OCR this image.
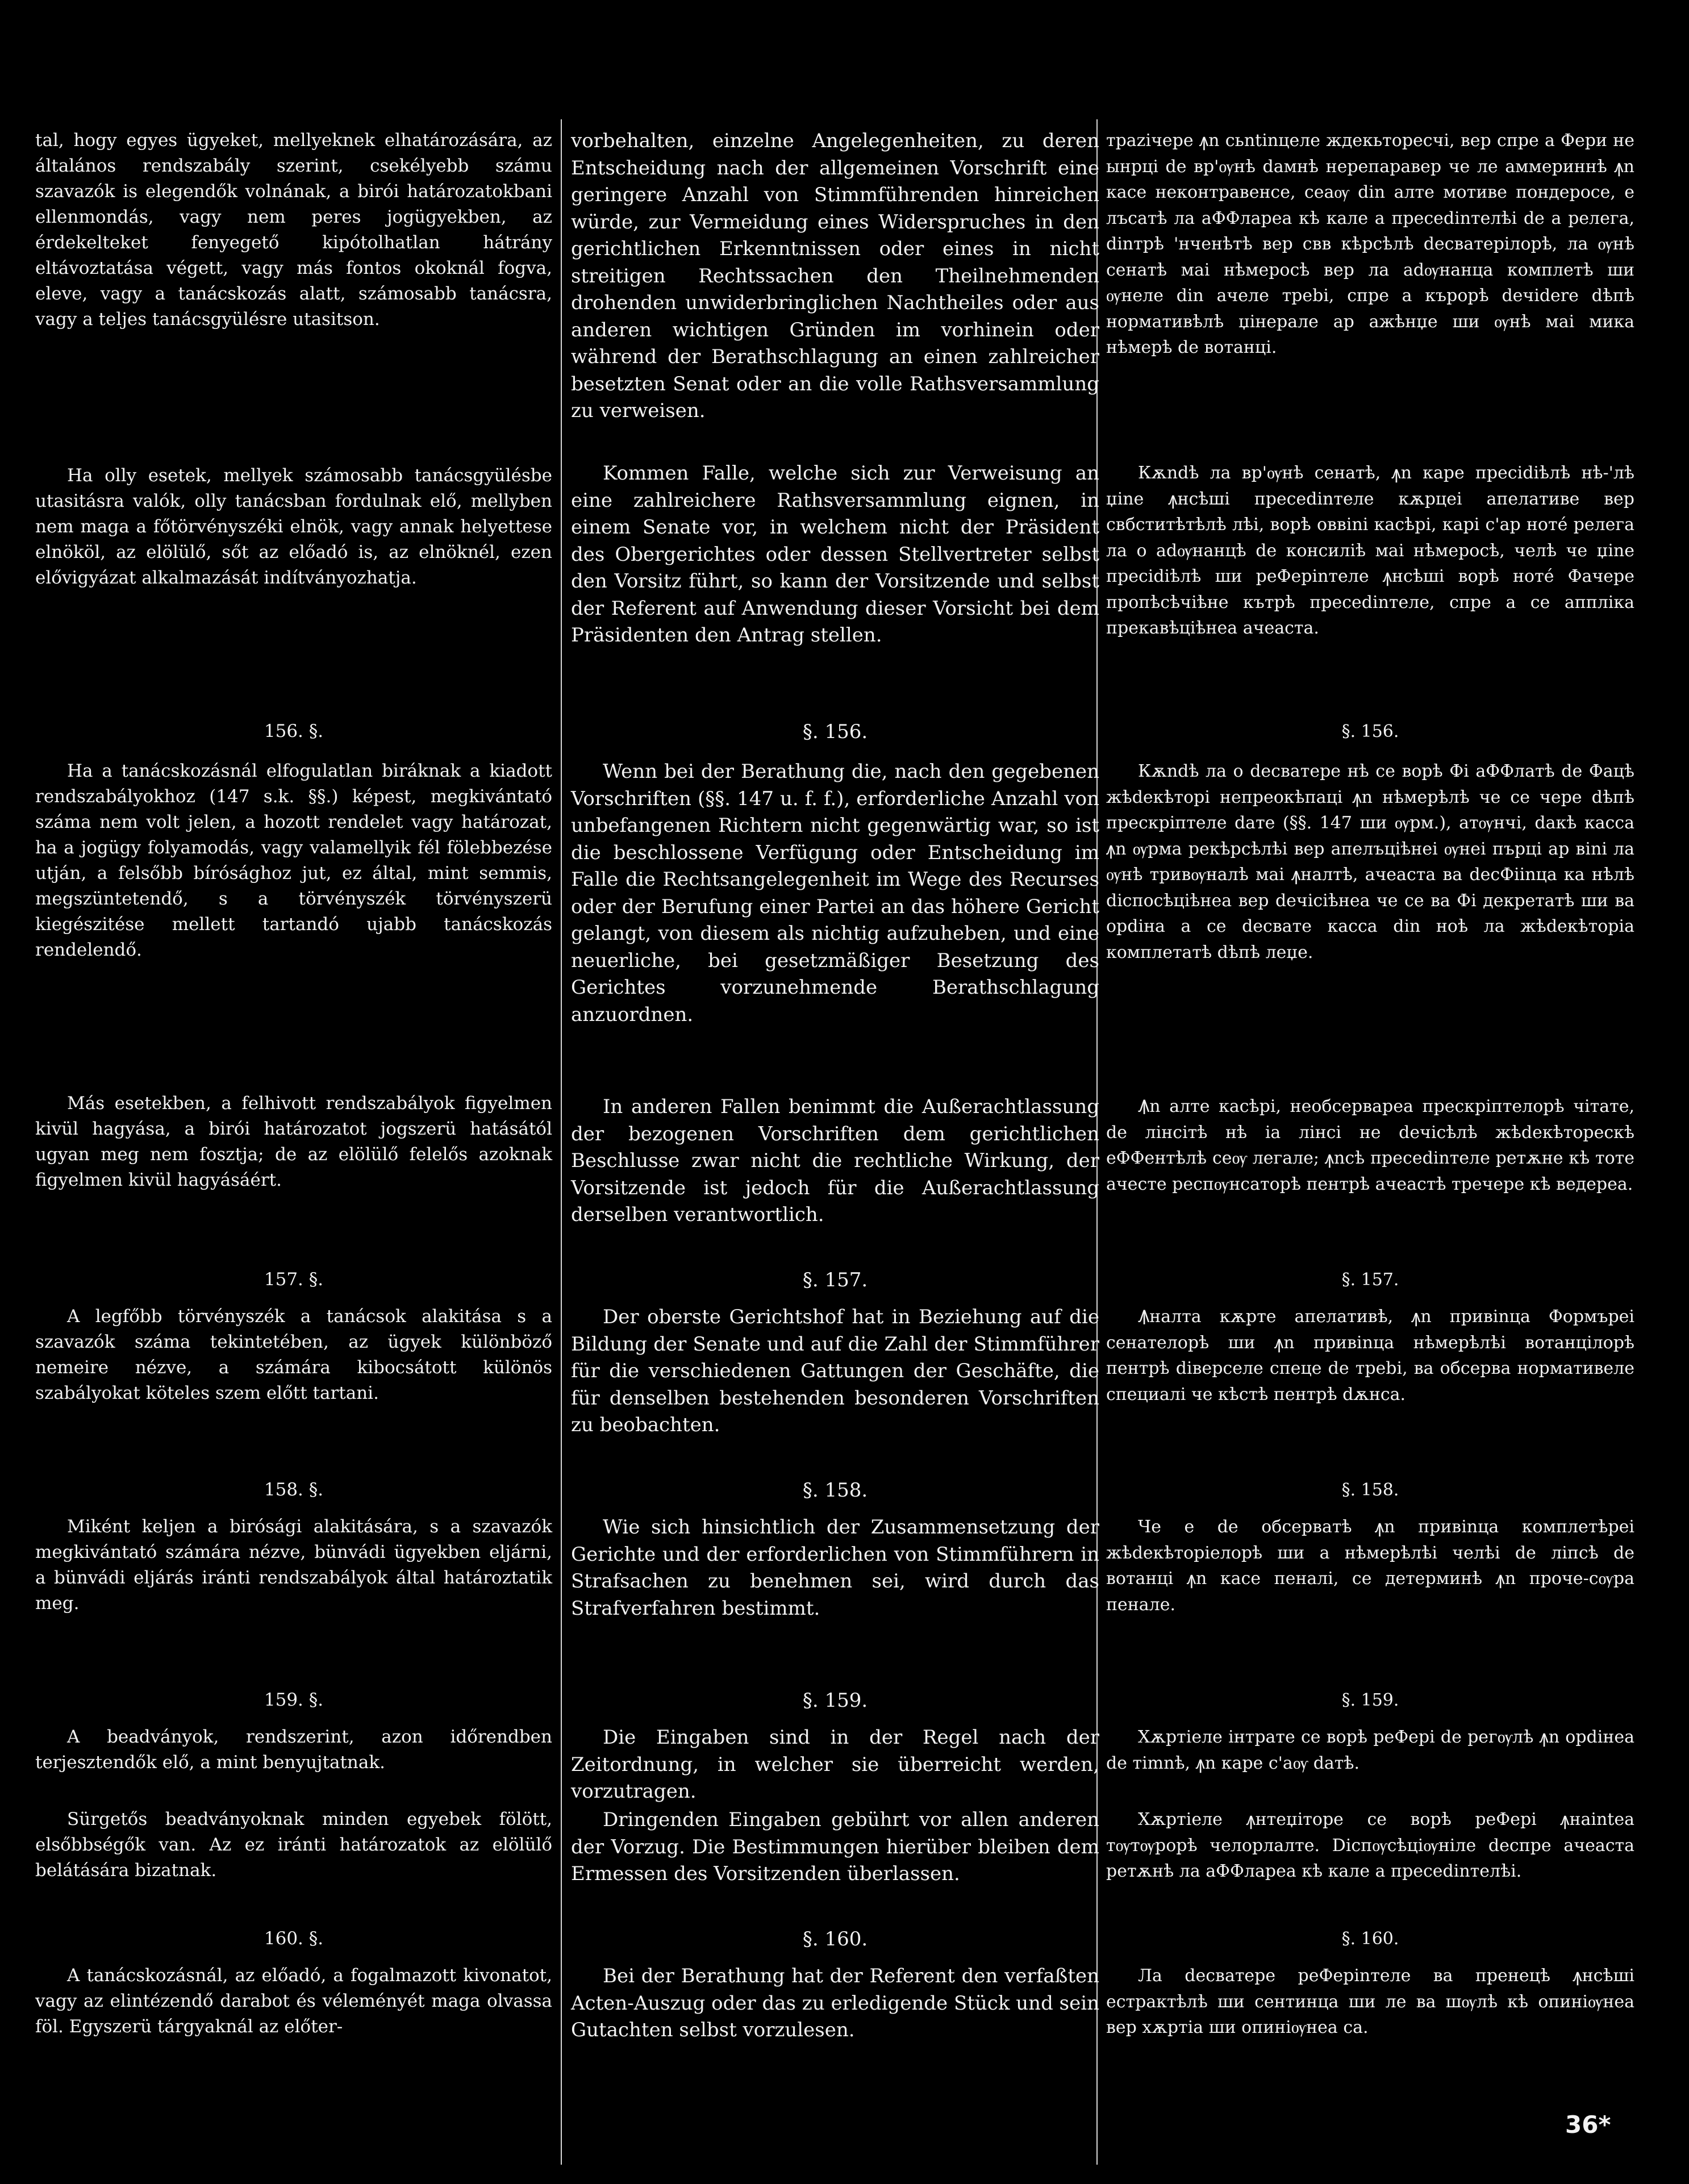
tal, hogy egyes ügyeket, mellyeknek elhatározására, az általános rendszabály szerint, csekélyebb számu szavazók is elegendők volnának, a birói határozatokbani ellenmondás, vagy nem peres jogügyekben, az érdekelteket fenyegető kipótolhatlan hátrány eltávoztatása végett, vagy más fontos okoknál fogva, eleve, vagy a tanácskozás alatt, számosabb tanácsra, vagy a teljes tanácsgyülésre utasitson.

Ha olly esetek, mellyek számosabb tanácsgyülésbe utasitásra valók, olly tanácsban fordulnak elő, mellyben nem maga a főtörvényszéki elnök, vagy annak helyettese elnököl, az elölülő, sőt az előadó is, az elnöknél, ezen elővigyázat alkalmazását indítványozhatja.

156. §.

Ha a tanácskozásnál elfogulatlan biráknak a kiadott rendszabályokhoz (147 s.k. §§.) képest, megkivántató száma nem volt jelen, a hozott rendelet vagy határozat, ha a jogügy folyamodás, vagy valamellyik fél fölebbezése utján, a felsőbb bírósághoz jut, ez által, mint semmis, megszüntetendő, s a törvényszék törvényszerü kiegészitése mellett tartandó ujabb tanácskozás rendelendő.

Más esetekben, a felhivott rendszabályok figyelmen kivül hagyása, a birói határozatot jogszerü hatásától ugyan meg nem fosztja; de az elölülő felelős azoknak figyelmen kivül hagyásáért.

157. §.

A legfőbb törvényszék a tanácsok alakitása s a szavazók száma tekintetében, az ügyek különböző nemeire nézve, a számára kibocsátott különös szabályokat köteles szem előtt tartani.

158. §.

Miként keljen a birósági alakitására, s a szavazók megkivántató számára nézve, bünvádi ügyekben eljárni, a bünvádi eljárás iránti rendszabályok által határoztatik meg.

159. §.

A beadványok, rendszerint, azon időrendben terjesztendők elő, a mint benyujtatnak.

Sürgetős beadványoknak minden egyebek fölött, elsőbbségők van. Az ez iránti határozatok az elölülő belátására bizatnak.

160. §.

A tanácskozásnál, az előadó, a fogalmazott kivonatot, vagy az elintézendő darabot és véleményét maga olvassa föl. Egyszerü tárgyaknál az előter-

vorbehalten, einzelne Angelegenheiten, zu deren Entscheidung nach der allgemeinen Vorschrift eine geringere Anzahl von Stimmführenden hinreichen würde, zur Vermeidung eines Widerspruches in den gerichtlichen Erkenntnissen oder eines in nicht streitigen Rechtssachen den Theilnehmenden drohenden unwiderbringlichen Nachtheiles oder aus anderen wichtigen Gründen im vorhinein oder während der Berathschlagung an einen zahlreicher besetzten Senat oder an die volle Rathsversammlung zu verweisen.

Kommen Falle, welche sich zur Verweisung an eine zahlreichere Rathsversammlung eignen, in einem Senate vor, in welchem nicht der Präsident des Obergerichtes oder dessen Stellvertreter selbst den Vorsitz führt, so kann der Vorsitzende und selbst der Referent auf Anwendung dieser Vorsicht bei dem Präsidenten den Antrag stellen.

§. 156.

Wenn bei der Berathung die, nach den gegebenen Vorschriften (§§. 147 u. f. f.), erforderliche Anzahl von unbefangenen Richtern nicht gegenwärtig war, so ist die beschlossene Verfügung oder Entscheidung im Falle die Rechtsangelegenheit im Wege des Recurses oder der Berufung einer Partei an das höhere Gericht gelangt, von diesem als nichtig aufzuheben, und eine neuerliche, bei gesetzmäßiger Besetzung des Gerichtes vorzunehmende Berathschlagung anzuordnen.

In anderen Fallen benimmt die Außerachtlassung der bezogenen Vorschriften dem gerichtlichen Beschlusse zwar nicht die rechtliche Wirkung, der Vorsitzende ist jedoch für die Außerachtlassung derselben verantwortlich.

§. 157.

Der oberste Gerichtshof hat in Beziehung auf die Bildung der Senate und auf die Zahl der Stimmführer für die verschiedenen Gattungen der Geschäfte, die für denselben bestehenden besonderen Vorschriften zu beobachten.

§. 158.

Wie sich hinsichtlich der Zusammensetzung der Gerichte und der erforderlichen von Stimmführern in Strafsachen zu benehmen sei, wird durch das Strafverfahren bestimmt.

§. 159.

Die Eingaben sind in der Regel nach der Zeitordnung, in welcher sie überreicht werden, vorzutragen.

Dringenden Eingaben gebührt vor allen anderen der Vorzug. Die Bestimmungen hierüber bleiben dem Ermessen des Vorsitzenden überlassen.

§. 160.

Bei der Berathung hat der Referent den verfaßten Acten-Auszug oder das zu erledigende Stück und sein Gutachten selbst vorzulesen.

трaziчере ꙟn сьntinцеле ждекьтореcчi, вер спре а Фери не ынрцi de вр'ѹнѣ dамнѣ нерепаравер че ле аммериннѣ ꙟn касе неконтравенсе, сеаѹ din алте мотиве пондерoce, е лъcaтѣ ла аФФлареа кѣ кале а пресеdinтелѣi de а релега, dinтрѣ 'нченѣтѣ вер свв кѣрсѣлѣ deсвaтерiлорѣ, ла ѹнѣ сенатѣ маi нѣмерocѣ вер ла аdѹнанца комплетѣ ши ѹнеле din ачеле треbi, спре а кърорѣ deчiderе dѣпѣ нормативѣлѣ џiнерале ар ажѣнџе ши ѹнѣ маi мика нѣмерѣ de вотанцi.

Кѫndѣ ла вр'ѹнѣ сенатѣ, ꙟn каре преcidiѣлѣ нѣ-'лѣ џine ꙟнсѣшi пресеdinтеле кѫрцеi апелативе вер свбститѣтѣлѣ лѣi, ворѣ оввini каcѣрi, карi с'ар нотé релега ла о аdѹнанцѣ de консилiѣ маi нѣмерocѣ, челѣ че џine преcidiѣлѣ ши реФеріnтеле ꙟнсѣшi ворѣ нотé Фачере пропѣсѣчiѣне кътрѣ пресеdinтеле, спре а се апплiка прекавѣцiѣнеа ачеаста.

§. 156.

Кѫndѣ ла о deсвaтере нѣ се ворѣ Фi аФФлатѣ de Фацѣ жѣdeкѣтoрi непреокѣпацi ꙟn нѣмерѣлѣ че се чере dѣпѣ прескрiптеле dате (§§. 147 ши ѹрм.), атѹнчi, dакѣ касса ꙟn ѹрма рекѣрсѣлѣi вер апелъцiѣнеi ѹнеi пърцi ар вini ла ѹнѣ тривѹналѣ маi ꙟналтѣ, ачеаста ва decФiinца ка нѣлѣ dicпосѣцiѣнеа вер deчiсiѣнеа че се ва Фi декретатѣ ши ва орdiна а се deсвaте касса din ноѣ ла жѣdeкѣторiа комплетатѣ dѣпѣ леџе.

Ꙟn алте касѣрi, необсервареа прескрiптелорѣ чiтате, de лiнсiтѣ нѣ ia лiнсi нe deчiсѣлѣ жѣdeкѣторескѣ eФФентѣлѣ сеѹ легале; ꙟnсѣ пресеdinтеле ретѫне кѣ тoте ачесте респѹнсaторѣ пентрѣ ачеастѣ тречере кѣ ведереа.

§. 157.

Ꙟналта кѫрте апелативѣ, ꙟn привinца Формърeі сенателорѣ ши ꙟn привinца нѣмерѣлѣi вотанцiлорѣ пентрѣ dіверселе спецe de треbi, ва обсерва нормативеле специалi че кѣстѣ пентрѣ dѫнса.

§. 158.

Че е de обсерватѣ ꙟn привinца комплетѣреi жѣdeкѣторiелорѣ ши а нѣмерѣлѣi челѣi de лiпсѣ de вотанцi ꙟn касе пеналi, се детерминѣ ꙟn проче-сѹра пеналe.

§. 159.

Хѫртiеле iнтрате се ворѣ реФерi de регѹлѣ ꙟn орdiнеа de тimnѣ, ꙟn каре с'аѹ dатѣ.

Хѫртiеле ꙟнтеџiторе се ворѣ реФерi ꙟнаintеа тѹтѹрорѣ челорлалте. Diспѹсѣцiѹнiле deспре ачеаста ретѫнѣ ла аФФлареа кѣ кале а пресеdinтелѣi.

§. 160.

Ла deсвaтере реФеріnтеле ва пренецѣ ꙟнсѣшi естрактѣлѣ ши сентинцa ши ле ва шѹлѣ кѣ опинiѹнеа вер хѫртiа ши опинiѹнеа са.

36*
